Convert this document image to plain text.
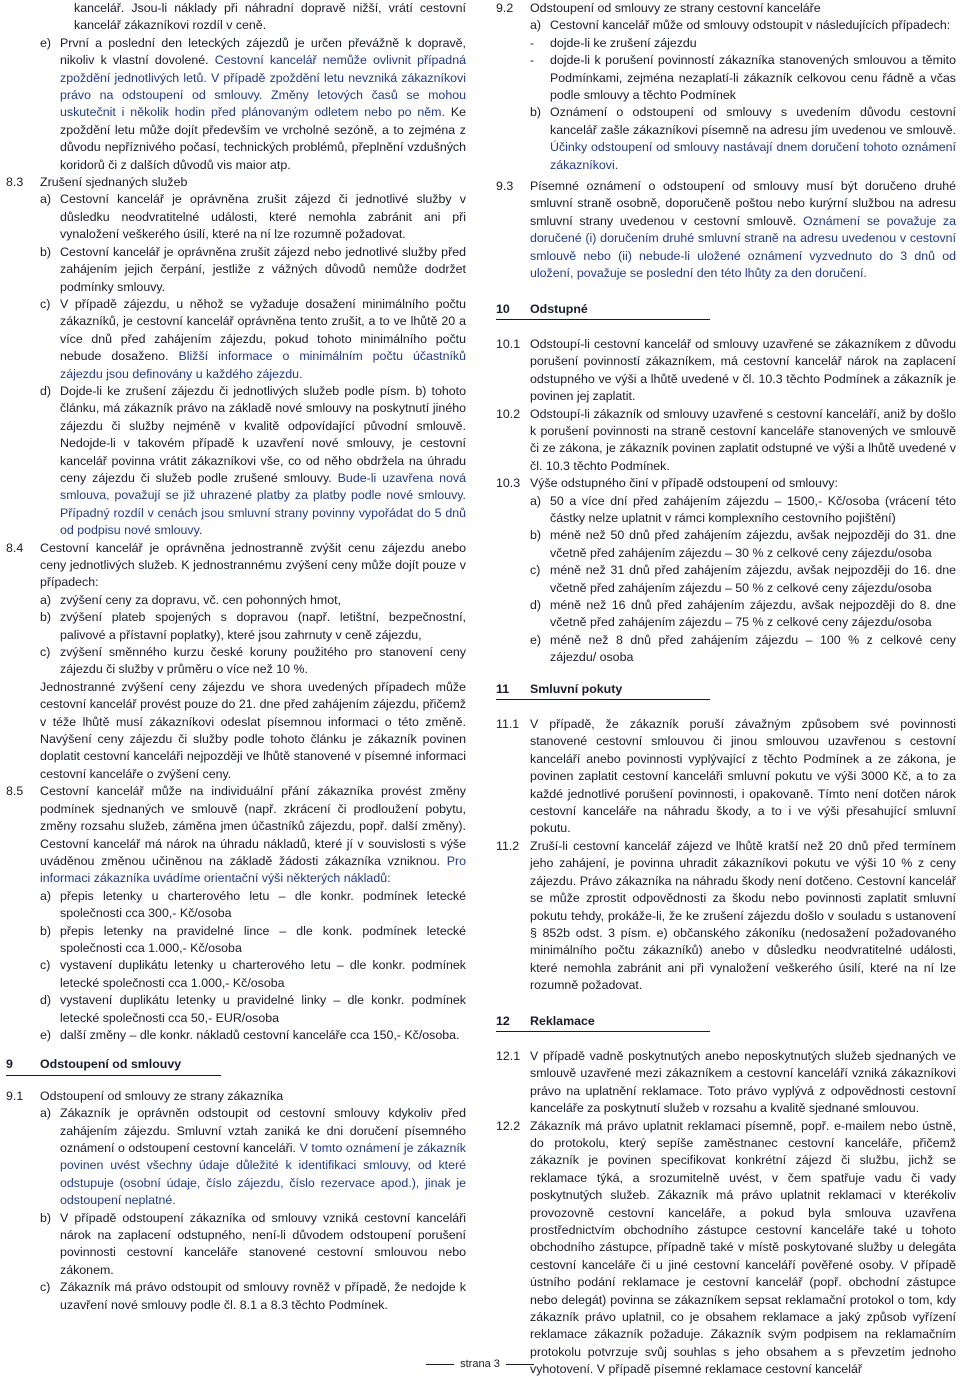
kancelář. Jsou-li náklady při náhradní dopravě nižší, vrátí cestovní kancelář zákazníkovi rozdíl v ceně.
e) První a poslední den leteckých zájezdů je určen převážně k dopravě, nikoliv k vlastní dovolené. Cestovní kancelář nemůže ovlivnit případná zpoždění jednotlivých letů. V případě zpoždění letu nevzniká zákazníkovi právo na odstoupení od smlouvy. Změny letových časů se mohou uskutečnit i několik hodin před plánovaným odletem nebo po něm. Ke zpoždění letu může dojít především ve vrcholné sezóně, a to zejména z důvodu nepříznivého počasí, technických problémů, přeplnění vzdušných koridorů či z dalších důvodů vis maior atp.
8.3	Zrušení sjednaných služeb
a) Cestovní kancelář je oprávněna zrušit zájezd či jednotlivé služby v důsledku neodvratitelné události, které nemohla zabránit ani při vynaložení veškerého úsilí, které na ní lze rozumně požadovat.
b) Cestovní kancelář je oprávněna zrušit zájezd nebo jednotlivé služby před zahájením jejich čerpání, jestliže z vážných důvodů nemůže dodržet podmínky smlouvy.
c) V případě zájezdu, u něhož se vyžaduje dosažení minimálního počtu zákazníků, je cestovní kancelář oprávněna tento zrušit, a to ve lhůtě 20 a více dnů před zahájením zájezdu, pokud tohoto minimálního počtu nebude dosaženo. Bližší informace o minimálním počtu účastníků zájezdu jsou definovány u každého zájezdu.
d) Dojde-li ke zrušení zájezdu či jednotlivých služeb podle písm. b) tohoto článku, má zákazník právo na základě nové smlouvy na poskytnutí jiného zájezdu či služby nejméně v kvalitě odpovídající původní smlouvě. Nedojde-li v takovém případě k uzavření nové smlouvy, je cestovní kancelář povinna vrátit zákazníkovi vše, co od něho obdržela na úhradu ceny zájezdu či služeb podle zrušené smlouvy. Bude-li uzavřena nová smlouva, považují se již uhrazené platby za platby podle nové smlouvy. Případný rozdíl v cenách jsou smluvní strany povinny vypořádat do 5 dnů od podpisu nové smlouvy.
8.4	Cestovní kancelář je oprávněna jednostranně zvýšit cenu zájezdu anebo ceny jednotlivých služeb. K jednostrannému zvýšení ceny může dojít pouze v případech:
a) zvýšení ceny za dopravu, vč. cen pohonných hmot,
b) zvýšení plateb spojených s dopravou (např. letištní, bezpečnostní, palivové a přístavní poplatky), které jsou zahrnuty v ceně zájezdu,
c) zvýšení směnného kurzu české koruny použitého pro stanovení ceny zájezdu či služby v průměru o více než 10 %.
Jednostranné zvýšení ceny zájezdu ve shora uvedených případech může cestovní kancelář provést pouze do 21. dne před zahájením zájezdu, přičemž v téže lhůtě musí zákazníkovi odeslat písemnou informaci o této změně. Navýšení ceny zájezdu či služby podle tohoto článku je zákazník povinen doplatit cestovní kanceláři nejpozději ve lhůtě stanovené v písemné informaci cestovní kanceláře o zvýšení ceny.
8.5	Cestovní kancelář může na individuální přání zákazníka provést změny podmínek sjednaných ve smlouvě (např. zkrácení či prodloužení pobytu, změny rozsahu služeb, záměna jmen účastníků zájezdu, popř. další změny). Cestovní kancelář má nárok na úhradu nákladů, které jí v souvislosti s výše uváděnou změnou učiněnou na základě žádosti zákazníka vzniknou. Pro informaci zákazníka uvádíme orientační výši některých nákladů:
a) přepis letenky u charterového letu – dle konkr. podmínek letecké společnosti cca 300,- Kč/osoba
b) přepis letenky na pravidelné lince – dle konk. podmínek letecké společnosti cca 1.000,- Kč/osoba
c) vystavení duplikátu letenky u charterového letu – dle konkr. podmínek letecké společnosti cca 1.000,- Kč/osoba
d) vystavení duplikátu letenky u pravidelné linky – dle konkr. podmínek letecké společnosti cca 50,- EUR/osoba
e) další změny – dle konkr. nákladů cestovní kanceláře cca 150,- Kč/osoba.
9	Odstoupení od smlouvy
9.1	Odstoupení od smlouvy ze strany zákazníka
a) Zákazník je oprávněn odstoupit od cestovní smlouvy kdykoliv před zahájením zájezdu. Smluvní vztah zaniká ke dni doručení písemného oznámení o odstoupení cestovní kanceláři. V tomto oznámení je zákazník povinen uvést všechny údaje důležité k identifikaci smlouvy, od které odstupuje (osobní údaje, číslo zájezdu, číslo rezervace apod.), jinak je odstoupení neplatné.
b) V případě odstoupení zákazníka od smlouvy vzniká cestovní kanceláři nárok na zaplacení odstupného, není-li důvodem odstoupení porušení povinnosti cestovní kanceláře stanovené cestovní smlouvou nebo zákonem.
c) Zákazník má právo odstoupit od smlouvy rovněž v případě, že nedojde k uzavření nové smlouvy podle čl. 8.1 a 8.3 těchto Podmínek.
9.2	Odstoupení od smlouvy ze strany cestovní kanceláře
a) Cestovní kancelář může od smlouvy odstoupit v následujících případech:
- dojde-li ke zrušení zájezdu
- dojde-li k porušení povinností zákazníka stanovených smlouvou a těmito Podmínkami, zejména nezaplatí-li zákazník celkovou cenu řádně a včas podle smlouvy a těchto Podmínek
b) Oznámení o odstoupení od smlouvy s uvedením důvodu cestovní kancelář zašle zákazníkovi písemně na adresu jím uvedenou ve smlouvě. Účinky odstoupení od smlouvy nastávají dnem doručení tohoto oznámení zákazníkovi.
9.3	Písemné oznámení o odstoupení od smlouvy musí být doručeno druhé smluvní straně osobně, doporučeně poštou nebo kurýrní službou na adresu smluvní strany uvedenou v cestovní smlouvě. Oznámení se považuje za doručené (i) doručením druhé smluvní straně na adresu uvedenou v cestovní smlouvě nebo (ii) nebude-li uložené oznámení vyzvednuto do 3 dnů od uložení, považuje se poslední den této lhůty za den doručení.
10	Odstupné
10.1 Odstoupí-li cestovní kancelář od smlouvy uzavřené se zákazníkem z důvodu porušení povinností zákazníkem, má cestovní kancelář nárok na zaplacení odstupného ve výši a lhůtě uvedené v čl. 10.3 těchto Podmínek a zákazník je povinen jej zaplatit.
10.2 Odstoupí-li zákazník od smlouvy uzavřené s cestovní kanceláří, aniž by došlo k porušení povinnosti na straně cestovní kanceláře stanovených ve smlouvě či ze zákona, je zákazník povinen zaplatit odstupné ve výši a lhůtě uvedené v čl. 10.3 těchto Podmínek.
10.3 Výše odstupného činí v případě odstoupení od smlouvy:
a) 50 a více dní před zahájením zájezdu – 1500,- Kč/osoba (vrácení této částky nelze uplatnit v rámci komplexního cestovního pojištění)
b) méně než 50 dnů před zahájením zájezdu, avšak nejpozději do 31. dne včetně před zahájením zájezdu – 30 % z celkové ceny zájezdu/osoba
c) méně než 31 dnů před zahájením zájezdu, avšak nejpozději do 16. dne včetně před zahájením zájezdu – 50 % z celkové ceny zájezdu/osoba
d) méně než 16 dnů před zahájením zájezdu, avšak nejpozději do 8. dne včetně před zahájením zájezdu – 75 % z celkové ceny zájezdu/osoba
e) méně než 8 dnů před zahájením zájezdu – 100 % z celkové ceny zájezdu/ osoba
11	Smluvní pokuty
11.1 V případě, že zákazník poruší závažným způsobem své povinnosti stanovené cestovní smlouvou či jinou smlouvou uzavřenou s cestovní kanceláří anebo povinnosti vyplývající z těchto Podmínek a ze zákona, je povinen zaplatit cestovní kanceláři smluvní pokutu ve výši 3000 Kč, a to za každé jednotlivé porušení povinnosti, i opakovaně. Tímto není dotčen nárok cestovní kanceláře na náhradu škody, a to i ve výši přesahující smluvní pokutu.
11.2 Zruší-li cestovní kancelář zájezd ve lhůtě kratší než 20 dnů před termínem jeho zahájení, je povinna uhradit zákazníkovi pokutu ve výši 10 % z ceny zájezdu. Právo zákazníka na náhradu škody není dotčeno. Cestovní kancelář se může zprostit odpovědnosti za škodu nebo povinnosti zaplatit smluvní pokutu tehdy, prokáže-li, že ke zrušení zájezdu došlo v souladu s ustanovení § 852b odst. 3 písm. e) občanského zákoníku (nedosažení požadovaného minimálního počtu zákazníků) anebo v důsledku neodvratitelné události, které nemohla zabránit ani při vynaložení veškerého úsilí, které na ní lze rozumně požadovat.
12	Reklamace
12.1 V případě vadně poskytnutých anebo neposkytnutých služeb sjednaných ve smlouvě uzavřené mezi zákazníkem a cestovní kanceláří vzniká zákazníkovi právo na uplatnění reklamace. Toto právo vyplývá z odpovědnosti cestovní kanceláře za poskytnutí služeb v rozsahu a kvalitě sjednané smlouvou.
12.2 Zákazník má právo uplatnit reklamaci písemně, popř. e-mailem nebo ústně, do protokolu, který sepíše zaměstnanec cestovní kanceláře, přičemž zákazník je povinen specifikovat konkrétní zájezd či službu, jichž se reklamace týká, a srozumitelně uvést, v čem spatřuje vadu či vady poskytnutých služeb. Zákazník má právo uplatnit reklamaci v kterékoliv provozovně cestovní kanceláře, a pokud byla smlouva uzavřena prostřednictvím obchodního zástupce cestovní kanceláře také u tohoto obchodního zástupce, případně také v místě poskytované služby u delegáta cestovní kanceláře či u jiné cestovní kanceláří pověřené osoby. V případě ústního podání reklamace je cestovní kancelář (popř. obchodní zástupce nebo delegát) povinna se zákazníkem sepsat reklamační protokol o tom, kdy zákazník právo uplatnil, co je obsahem reklamace a jaký způsob vyřízení reklamace zákazník požaduje. Zákazník svým podpisem na reklamačním protokolu potvrzuje svůj souhlas s jeho obsahem a s převzetím jednoho vyhotovení. V případě písemné reklamace cestovní kancelář
strana 3
